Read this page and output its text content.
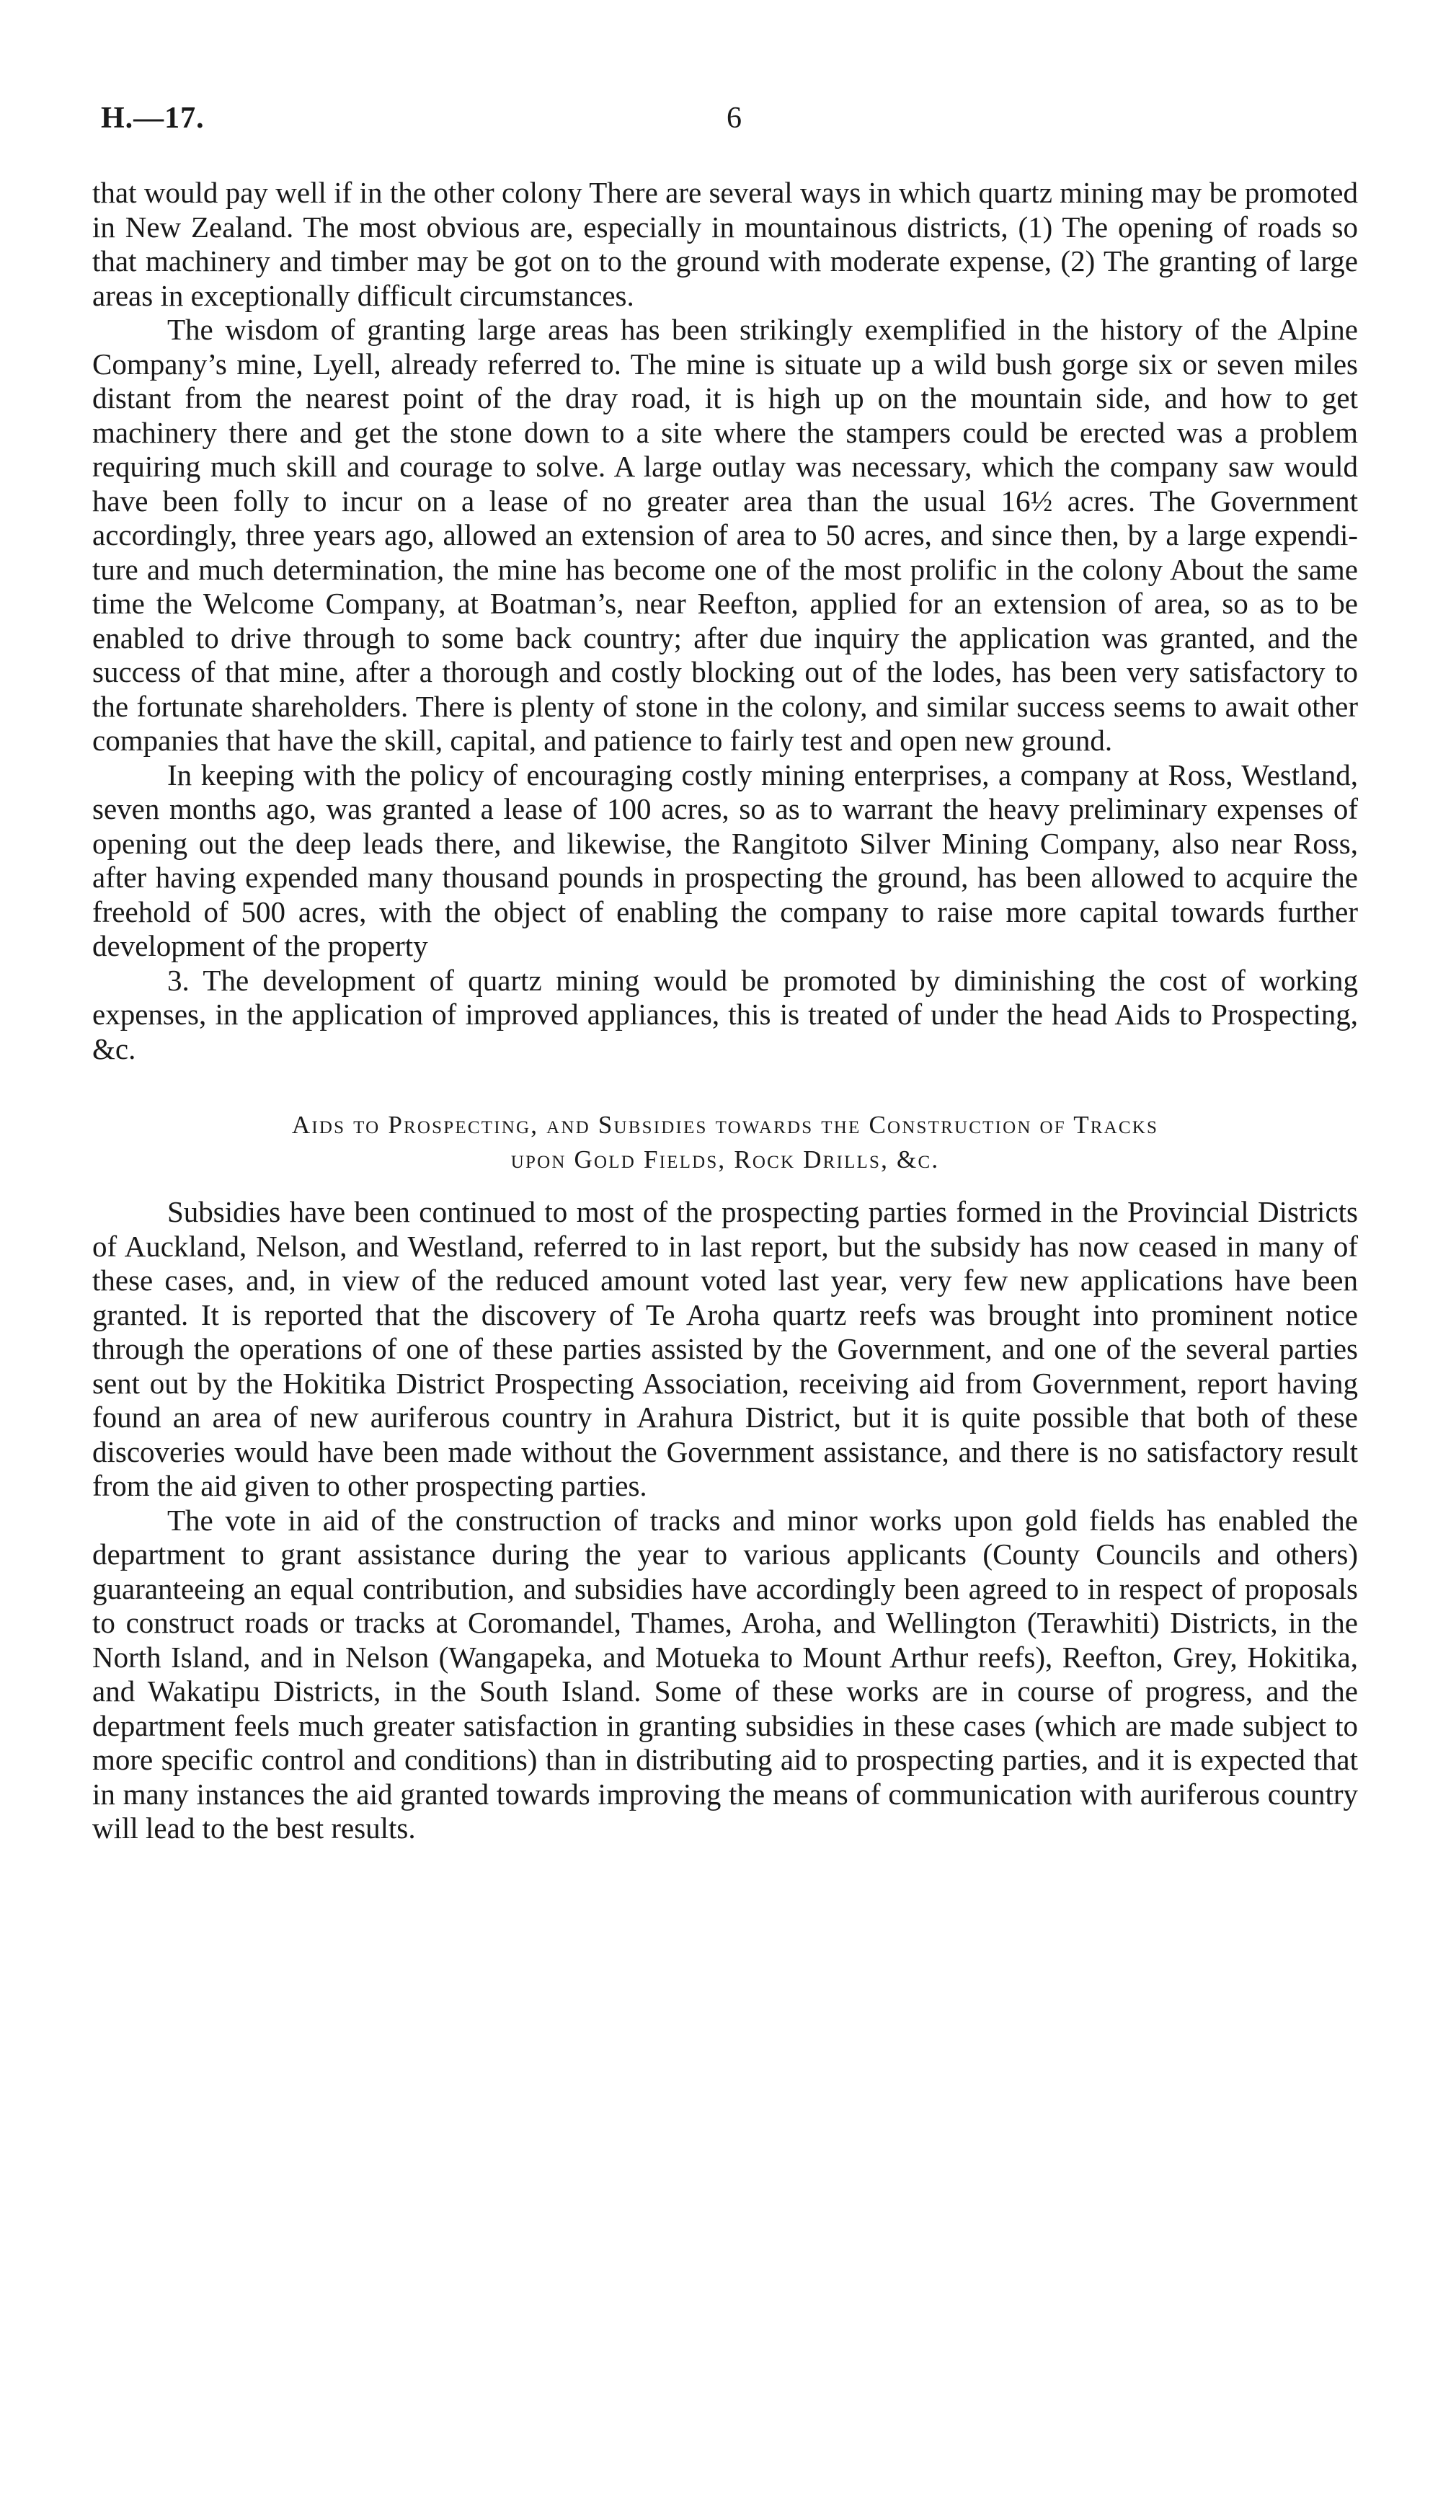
H.—17.	6

that would pay well if in the other colony There are several ways in which quartz mining may be promoted in New Zealand. The most obvious are, especially in mountainous districts, (1) The opening of roads so that machinery and timber may be got on to the ground with moderate expense, (2) The granting of large areas in exceptionally difficult circumstances.

The wisdom of granting large areas has been strikingly exemplified in the history of the Alpine Company’s mine, Lyell, already referred to. The mine is situate up a wild bush gorge six or seven miles distant from the nearest point of the dray road, it is high up on the mountain side, and how to get machinery there and get the stone down to a site where the stampers could be erected was a problem requiring much skill and courage to solve. A large outlay was necessary, which the company saw would have been folly to incur on a lease of no greater area than the usual 16½ acres. The Government accordingly, three years ago, allowed an extension of area to 50 acres, and since then, by a large expenditure and much determination, the mine has become one of the most prolific in the colony About the same time the Welcome Company, at Boatman’s, near Reefton, applied for an extension of area, so as to be enabled to drive through to some back country; after due inquiry the application was granted, and the success of that mine, after a thorough and costly blocking out of the lodes, has been very satisfactory to the fortunate shareholders. There is plenty of stone in the colony, and similar success seems to await other companies that have the skill, capital, and patience to fairly test and open new ground.

In keeping with the policy of encouraging costly mining enterprises, a company at Ross, Westland, seven months ago, was granted a lease of 100 acres, so as to warrant the heavy preliminary expenses of opening out the deep leads there, and likewise, the Rangitoto Silver Mining Company, also near Ross, after having expended many thousand pounds in prospecting the ground, has been allowed to acquire the freehold of 500 acres, with the object of enabling the company to raise more capital towards further development of the property

3. The development of quartz mining would be promoted by diminishing the cost of working expenses, in the application of improved appliances, this is treated of under the head Aids to Prospecting, &c.

Aids to Prospecting, and Subsidies towards the Construction of Tracks
upon Gold Fields, Rock Drills, &c.

Subsidies have been continued to most of the prospecting parties formed in the Provincial Districts of Auckland, Nelson, and Westland, referred to in last report, but the subsidy has now ceased in many of these cases, and, in view of the reduced amount voted last year, very few new applications have been granted. It is reported that the discovery of Te Aroha quartz reefs was brought into prominent notice through the operations of one of these parties assisted by the Government, and one of the several parties sent out by the Hokitika District Prospecting Association, receiving aid from Government, report having found an area of new auriferous country in Arahura District, but it is quite possible that both of these discoveries would have been made without the Government assistance, and there is no satisfactory result from the aid given to other prospecting parties.

The vote in aid of the construction of tracks and minor works upon gold fields has enabled the department to grant assistance during the year to various applicants (County Councils and others) guaranteeing an equal contribution, and subsidies have accordingly been agreed to in respect of proposals to construct roads or tracks at Coromandel, Thames, Aroha, and Wellington (Terawhiti) Districts, in the North Island, and in Nelson (Wangapeka, and Motueka to Mount Arthur reefs), Reefton, Grey, Hokitika, and Wakatipu Districts, in the South Island. Some of these works are in course of progress, and the department feels much greater satisfaction in granting subsidies in these cases (which are made subject to more specific control and conditions) than in distributing aid to prospecting parties, and it is expected that in many instances the aid granted towards improving the means of communication with auriferous country will lead to the best results.
